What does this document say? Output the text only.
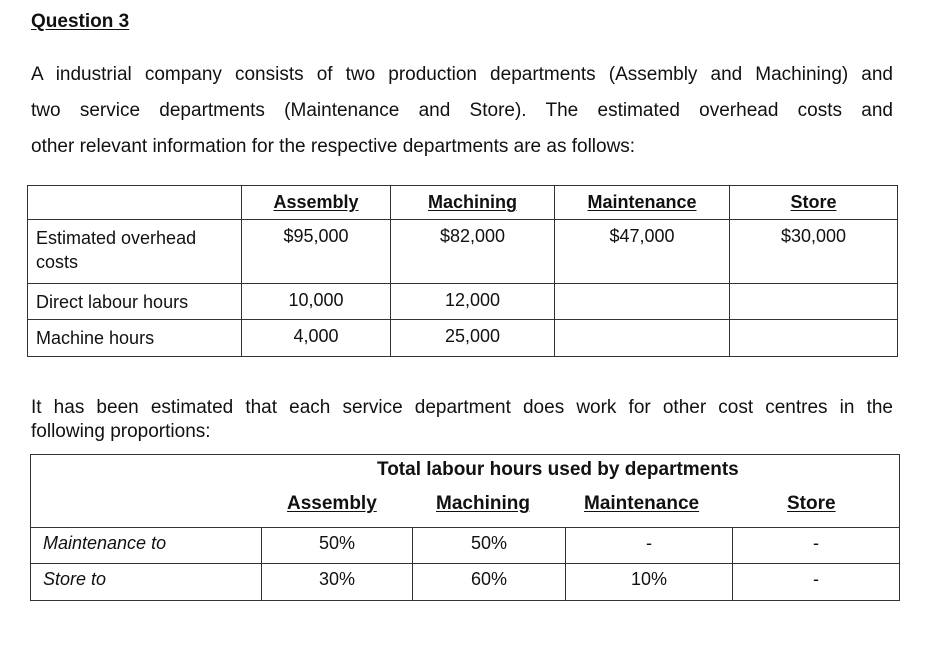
Question 3

A industrial company consists of two production departments (Assembly and Machining) and
two service departments (Maintenance and Store). The estimated overhead costs and
other relevant information for the respective departments are as follows:

	Assembly	Machining	Maintenance	Store
Estimated overhead costs	$95,000	$82,000	$47,000	$30,000
Direct labour hours	10,000	12,000		
Machine hours	4,000	25,000		

It has been estimated that each service department does work for other cost centres in the
following proportions:

Total labour hours used by departments
Assembly Machining Maintenance Store				

Maintenance to	50%	50%	-	-
Store to	30%	60%	10%	-
